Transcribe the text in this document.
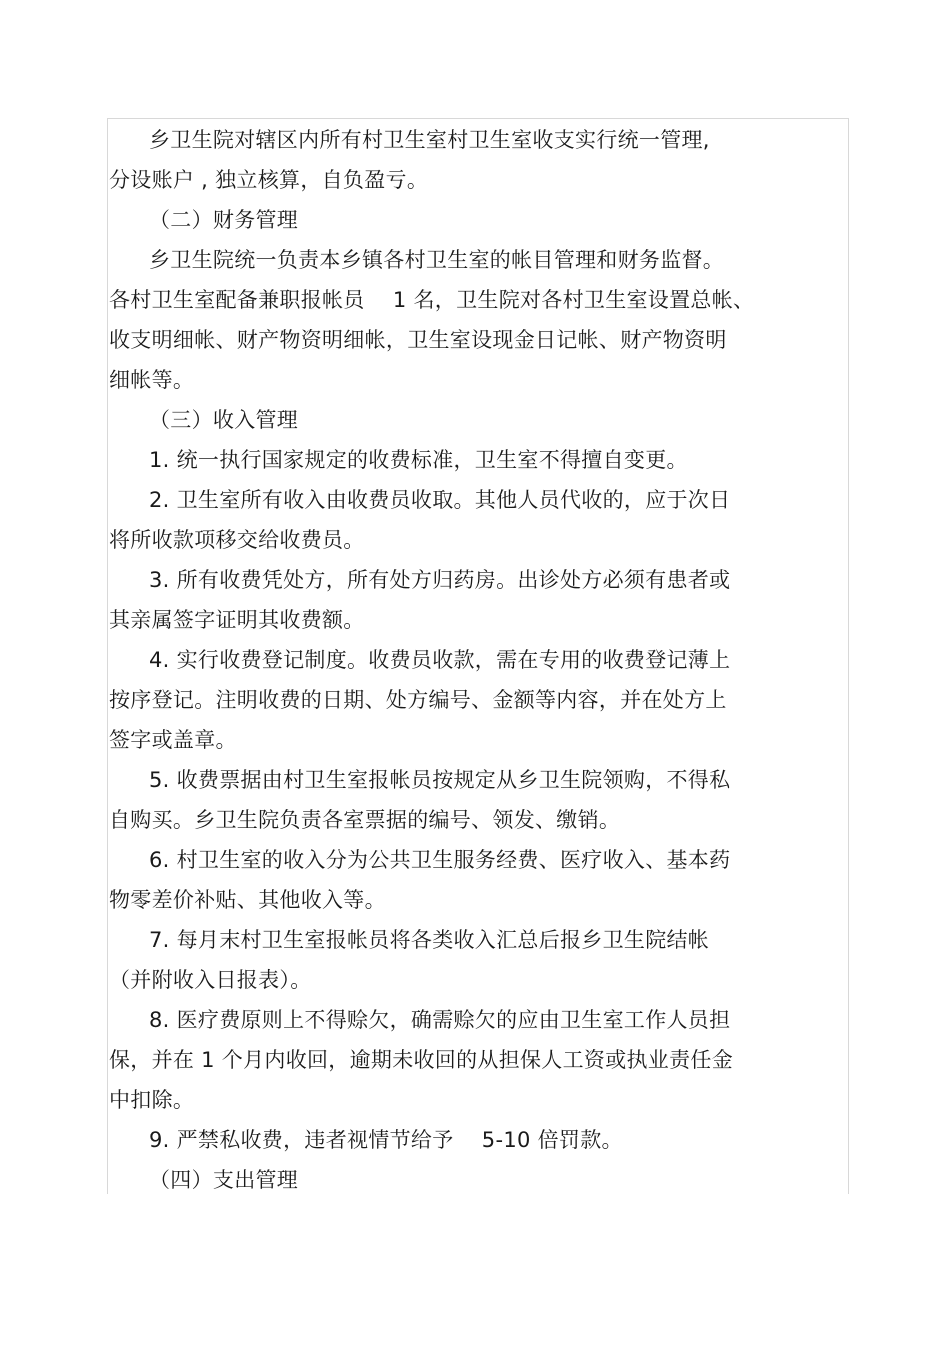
乡卫生院对辖区内所有村卫生室村卫生室收支实行统一管理,
分设账户 , 独立核算，自负盈亏。
（二）财务管理
乡卫生院统一负责本乡镇各村卫生室的帐目管理和财务监督。
各村卫生室配备兼职报帐员　 1 名，卫生院对各村卫生室设置总帐、
收支明细帐、财产物资明细帐，卫生室设现金日记帐、财产物资明
细帐等。
（三）收入管理
1. 统一执行国家规定的收费标准，卫生室不得擅自变更。
2. 卫生室所有收入由收费员收取。其他人员代收的，应于次日
将所收款项移交给收费员。
3. 所有收费凭处方，所有处方归药房。出诊处方必须有患者或
其亲属签字证明其收费额。
4. 实行收费登记制度。收费员收款，需在专用的收费登记薄上
按序登记。注明收费的日期、处方编号、金额等内容，并在处方上
签字或盖章。
5. 收费票据由村卫生室报帐员按规定从乡卫生院领购，不得私
自购买。乡卫生院负责各室票据的编号、领发、缴销。
6. 村卫生室的收入分为公共卫生服务经费、医疗收入、基本药
物零差价补贴、其他收入等。
7. 每月末村卫生室报帐员将各类收入汇总后报乡卫生院结帐
（并附收入日报表）。
8. 医疗费原则上不得赊欠，确需赊欠的应由卫生室工作人员担
保，并在 1 个月内收回，逾期未收回的从担保人工资或执业责任金
中扣除。
9. 严禁私收费，违者视情节给予　 5-10 倍罚款。
（四）支出管理
